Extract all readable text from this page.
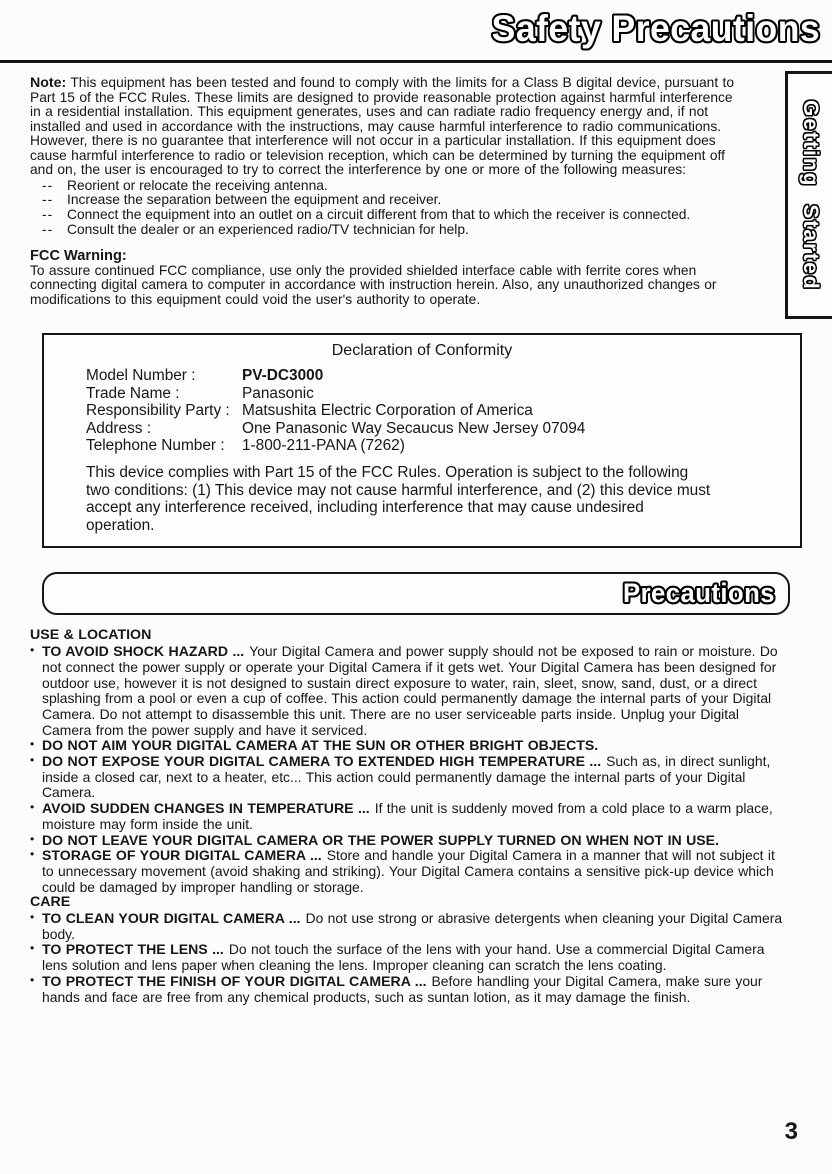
Safety Precautions
Getting Started

Note: This equipment has been tested and found to comply with the limits for a Class B digital device, pursuant to Part 15 of the FCC Rules. These limits are designed to provide reasonable protection against harmful interference in a residential installation. This equipment generates, uses and can radiate radio frequency energy and, if not installed and used in accordance with the instructions, may cause harmful interference to radio communications. However, there is no guarantee that interference will not occur in a particular installation. If this equipment does cause harmful interference to radio or television reception, which can be determined by turning the equipment off and on, the user is encouraged to try to correct the interference by one or more of the following measures:

-- Reorient or relocate the receiving antenna.
-- Increase the separation between the equipment and receiver.
-- Connect the equipment into an outlet on a circuit different from that to which the receiver is connected.
-- Consult the dealer or an experienced radio/TV technician for help.
FCC Warning:

To assure continued FCC compliance, use only the provided shielded interface cable with ferrite cores when connecting digital camera to computer in accordance with instruction herein. Also, any unauthorized changes or modifications to this equipment could void the user's authority to operate.

Declaration of Conformity
Model Number :	PV-DC3000
Trade Name :	Panasonic
Responsibility Party : Matsushita Electric Corporation of America
Address :	One Panasonic Way Secaucus New Jersey 07094
Telephone Number :	1-800-211-PANA (7262)

This device complies with Part 15 of the FCC Rules. Operation is subject to the following two conditions: (1) This device may not cause harmful interference, and (2) this device must accept any interference received, including interference that may cause undesired operation.

Precautions
USE & LOCATION
• TO AVOID SHOCK HAZARD ... Your Digital Camera and power supply should not be exposed to rain or moisture. Do not connect the power supply or operate your Digital Camera if it gets wet. Your Digital Camera has been designed for outdoor use, however it is not designed to sustain direct exposure to water, rain, sleet, snow, sand, dust, or a direct splashing from a pool or even a cup of coffee. This action could permanently damage the internal parts of your Digital Camera. Do not attempt to disassemble this unit. There are no user serviceable parts inside. Unplug your Digital Camera from the power supply and have it serviced.
• DO NOT AIM YOUR DIGITAL CAMERA AT THE SUN OR OTHER BRIGHT OBJECTS.
• DO NOT EXPOSE YOUR DIGITAL CAMERA TO EXTENDED HIGH TEMPERATURE ... Such as, in direct sunlight, inside a closed car, next to a heater, etc... This action could permanently damage the internal parts of your Digital Camera.
• AVOID SUDDEN CHANGES IN TEMPERATURE ... If the unit is suddenly moved from a cold place to a warm place, moisture may form inside the unit.
• DO NOT LEAVE YOUR DIGITAL CAMERA OR THE POWER SUPPLY TURNED ON WHEN NOT IN USE.
• STORAGE OF YOUR DIGITAL CAMERA ... Store and handle your Digital Camera in a manner that will not subject it to unnecessary movement (avoid shaking and striking). Your Digital Camera contains a sensitive pick-up device which could be damaged by improper handling or storage.
CARE
• TO CLEAN YOUR DIGITAL CAMERA ... Do not use strong or abrasive detergents when cleaning your Digital Camera body.
• TO PROTECT THE LENS ... Do not touch the surface of the lens with your hand. Use a commercial Digital Camera lens solution and lens paper when cleaning the lens. Improper cleaning can scratch the lens coating.
• TO PROTECT THE FINISH OF YOUR DIGITAL CAMERA ... Before handling your Digital Camera, make sure your hands and face are free from any chemical products, such as suntan lotion, as it may damage the finish.
3
